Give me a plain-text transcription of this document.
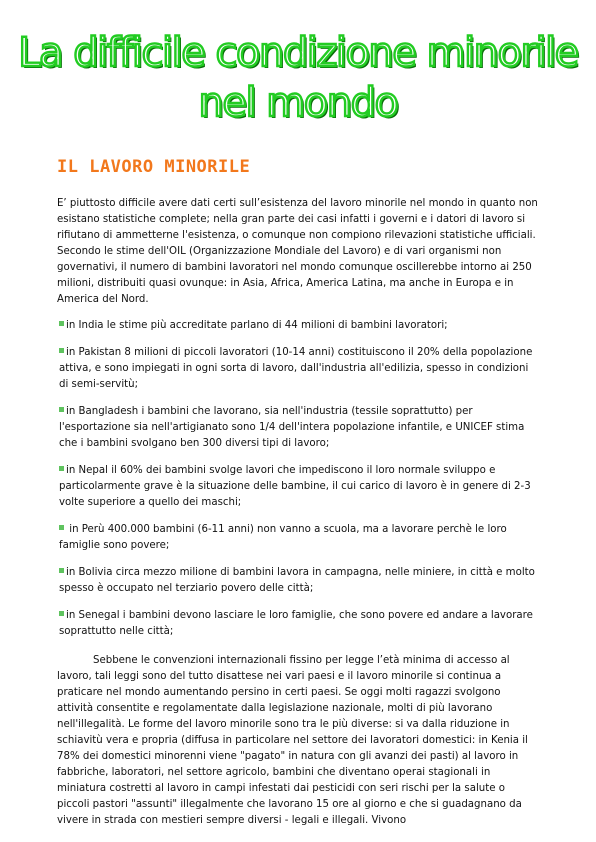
La difficile condizione minorile
nel mondo
IL LAVORO MINORILE

E’ piuttosto difficile avere dati certi sull’esistenza del lavoro minorile nel mondo in quanto non esistano statistiche complete; nella gran parte dei casi infatti i governi e i datori di lavoro si rifiutano di ammetterne l'esistenza, o comunque non compiono rilevazioni statistiche ufficiali. Secondo le stime dell'OIL (Organizzazione Mondiale del Lavoro) e di vari organismi non governativi, il numero di bambini lavoratori nel mondo comunque oscillerebbe intorno ai 250 milioni, distribuiti quasi ovunque: in Asia, Africa, America Latina, ma anche in Europa e in America del Nord.

in India le stime più accreditate parlano di 44 milioni di bambini lavoratori;

in Pakistan 8 milioni di piccoli lavoratori (10-14 anni) costituiscono il 20% della popolazione attiva, e sono impiegati in ogni sorta di lavoro, dall'industria all'edilizia, spesso in condizioni di semi-servitù;

in Bangladesh i bambini che lavorano, sia nell'industria (tessile soprattutto) per l'esportazione sia nell'artigianato sono 1/4 dell'intera popolazione infantile, e UNICEF stima che i bambini svolgano ben 300 diversi tipi di lavoro;

in Nepal il 60% dei bambini svolge lavori che impediscono il loro normale sviluppo e particolarmente grave è la situazione delle bambine, il cui carico di lavoro è in genere di 2-3 volte superiore a quello dei maschi;

in Perù 400.000 bambini (6-11 anni) non vanno a scuola, ma a lavorare perchè le loro famiglie sono povere;

in Bolivia circa mezzo milione di bambini lavora in campagna, nelle miniere, in città e molto spesso è occupato nel terziario povero delle città;

in Senegal i bambini devono lasciare le loro famiglie, che sono povere ed andare a lavorare soprattutto nelle città;

Sebbene le convenzioni internazionali fissino per legge l’età minima di accesso al lavoro, tali leggi sono del tutto disattese nei vari paesi e il lavoro minorile si continua a praticare nel mondo aumentando persino in certi paesi. Se oggi molti ragazzi svolgono attività consentite e regolamentate dalla legislazione nazionale, molti di più lavorano nell'illegalità. Le forme del lavoro minorile sono tra le più diverse: si va dalla riduzione in schiavitù vera e propria (diffusa in particolare nel settore dei lavoratori domestici: in Kenia il 78% dei domestici minorenni viene "pagato" in natura con gli avanzi dei pasti) al lavoro in fabbriche, laboratori, nel settore agricolo, bambini che diventano operai stagionali in miniatura costretti al lavoro in campi infestati dai pesticidi con seri rischi per la salute o piccoli pastori "assunti" illegalmente che lavorano 15 ore al giorno e che si guadagnano da vivere in strada con mestieri sempre diversi - legali e illegali. Vivono
